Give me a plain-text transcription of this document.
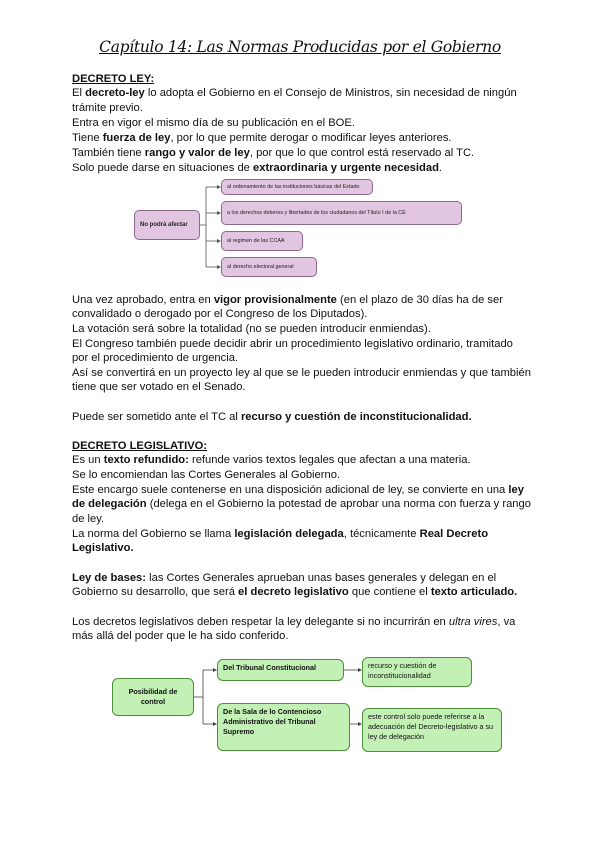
Capítulo 14: Las Normas Producidas por el Gobierno
DECRETO LEY:
El decreto-ley lo adopta el Gobierno en el Consejo de Ministros, sin necesidad de ningún
trámite previo.
Entra en vigor el mismo día de su publicación en el BOE.
Tiene fuerza de ley, por lo que permite derogar o modificar leyes anteriores.
También tiene rango y valor de ley, por que lo que control está reservado al TC.
Solo puede darse en situaciones de extraordinaria y urgente necesidad.
No podrá afectar
al ordenamiento de las instituciones básicas del Estado
a los derechos deberes y libertades de los ciudadanos del Título I de la CE
al regimen de las CCAA
al derecho electoral general
Una vez aprobado, entra en vigor provisionalmente (en el plazo de 30 días ha de ser
convalidado o derogado por el Congreso de los Diputados).
La votación será sobre la totalidad (no se pueden introducir enmiendas).
El Congreso también puede decidir abrir un procedimiento legislativo ordinario, tramitado
por el procedimiento de urgencia.
Así se convertirá en un proyecto ley al que se le pueden introducir enmiendas y que también
tiene que ser votado en el Senado.
Puede ser sometido ante el TC al recurso y cuestión de inconstitucionalidad.
DECRETO LEGISLATIVO:
Es un texto refundido: refunde varios textos legales que afectan a una materia.
Se lo encomiendan las Cortes Generales al Gobierno.
Este encargo suele contenerse en una disposición adicional de ley, se convierte en una ley
de delegación (delega en el Gobierno la potestad de aprobar una norma con fuerza y rango
de ley.
La norma del Gobierno se llama legislación delegada, técnicamente Real Decreto
Legislativo.
Ley de bases: las Cortes Generales aprueban unas bases generales y delegan en el
Gobierno su desarrollo, que será el decreto legislativo que contiene el texto articulado.
Los decretos legislativos deben respetar la ley delegante si no incurrirán en ultra vires, va
más allá del poder que le ha sido conferido.
Posibilidad de control
Del Tribunal Constitucional
De la Sala de lo Contencioso Administrativo del Tribunal Supremo
recurso y cuestión de inconstitucionalidad
este control solo puede referirse a la adecuación del Decreto-legislativo a su ley de delegación
